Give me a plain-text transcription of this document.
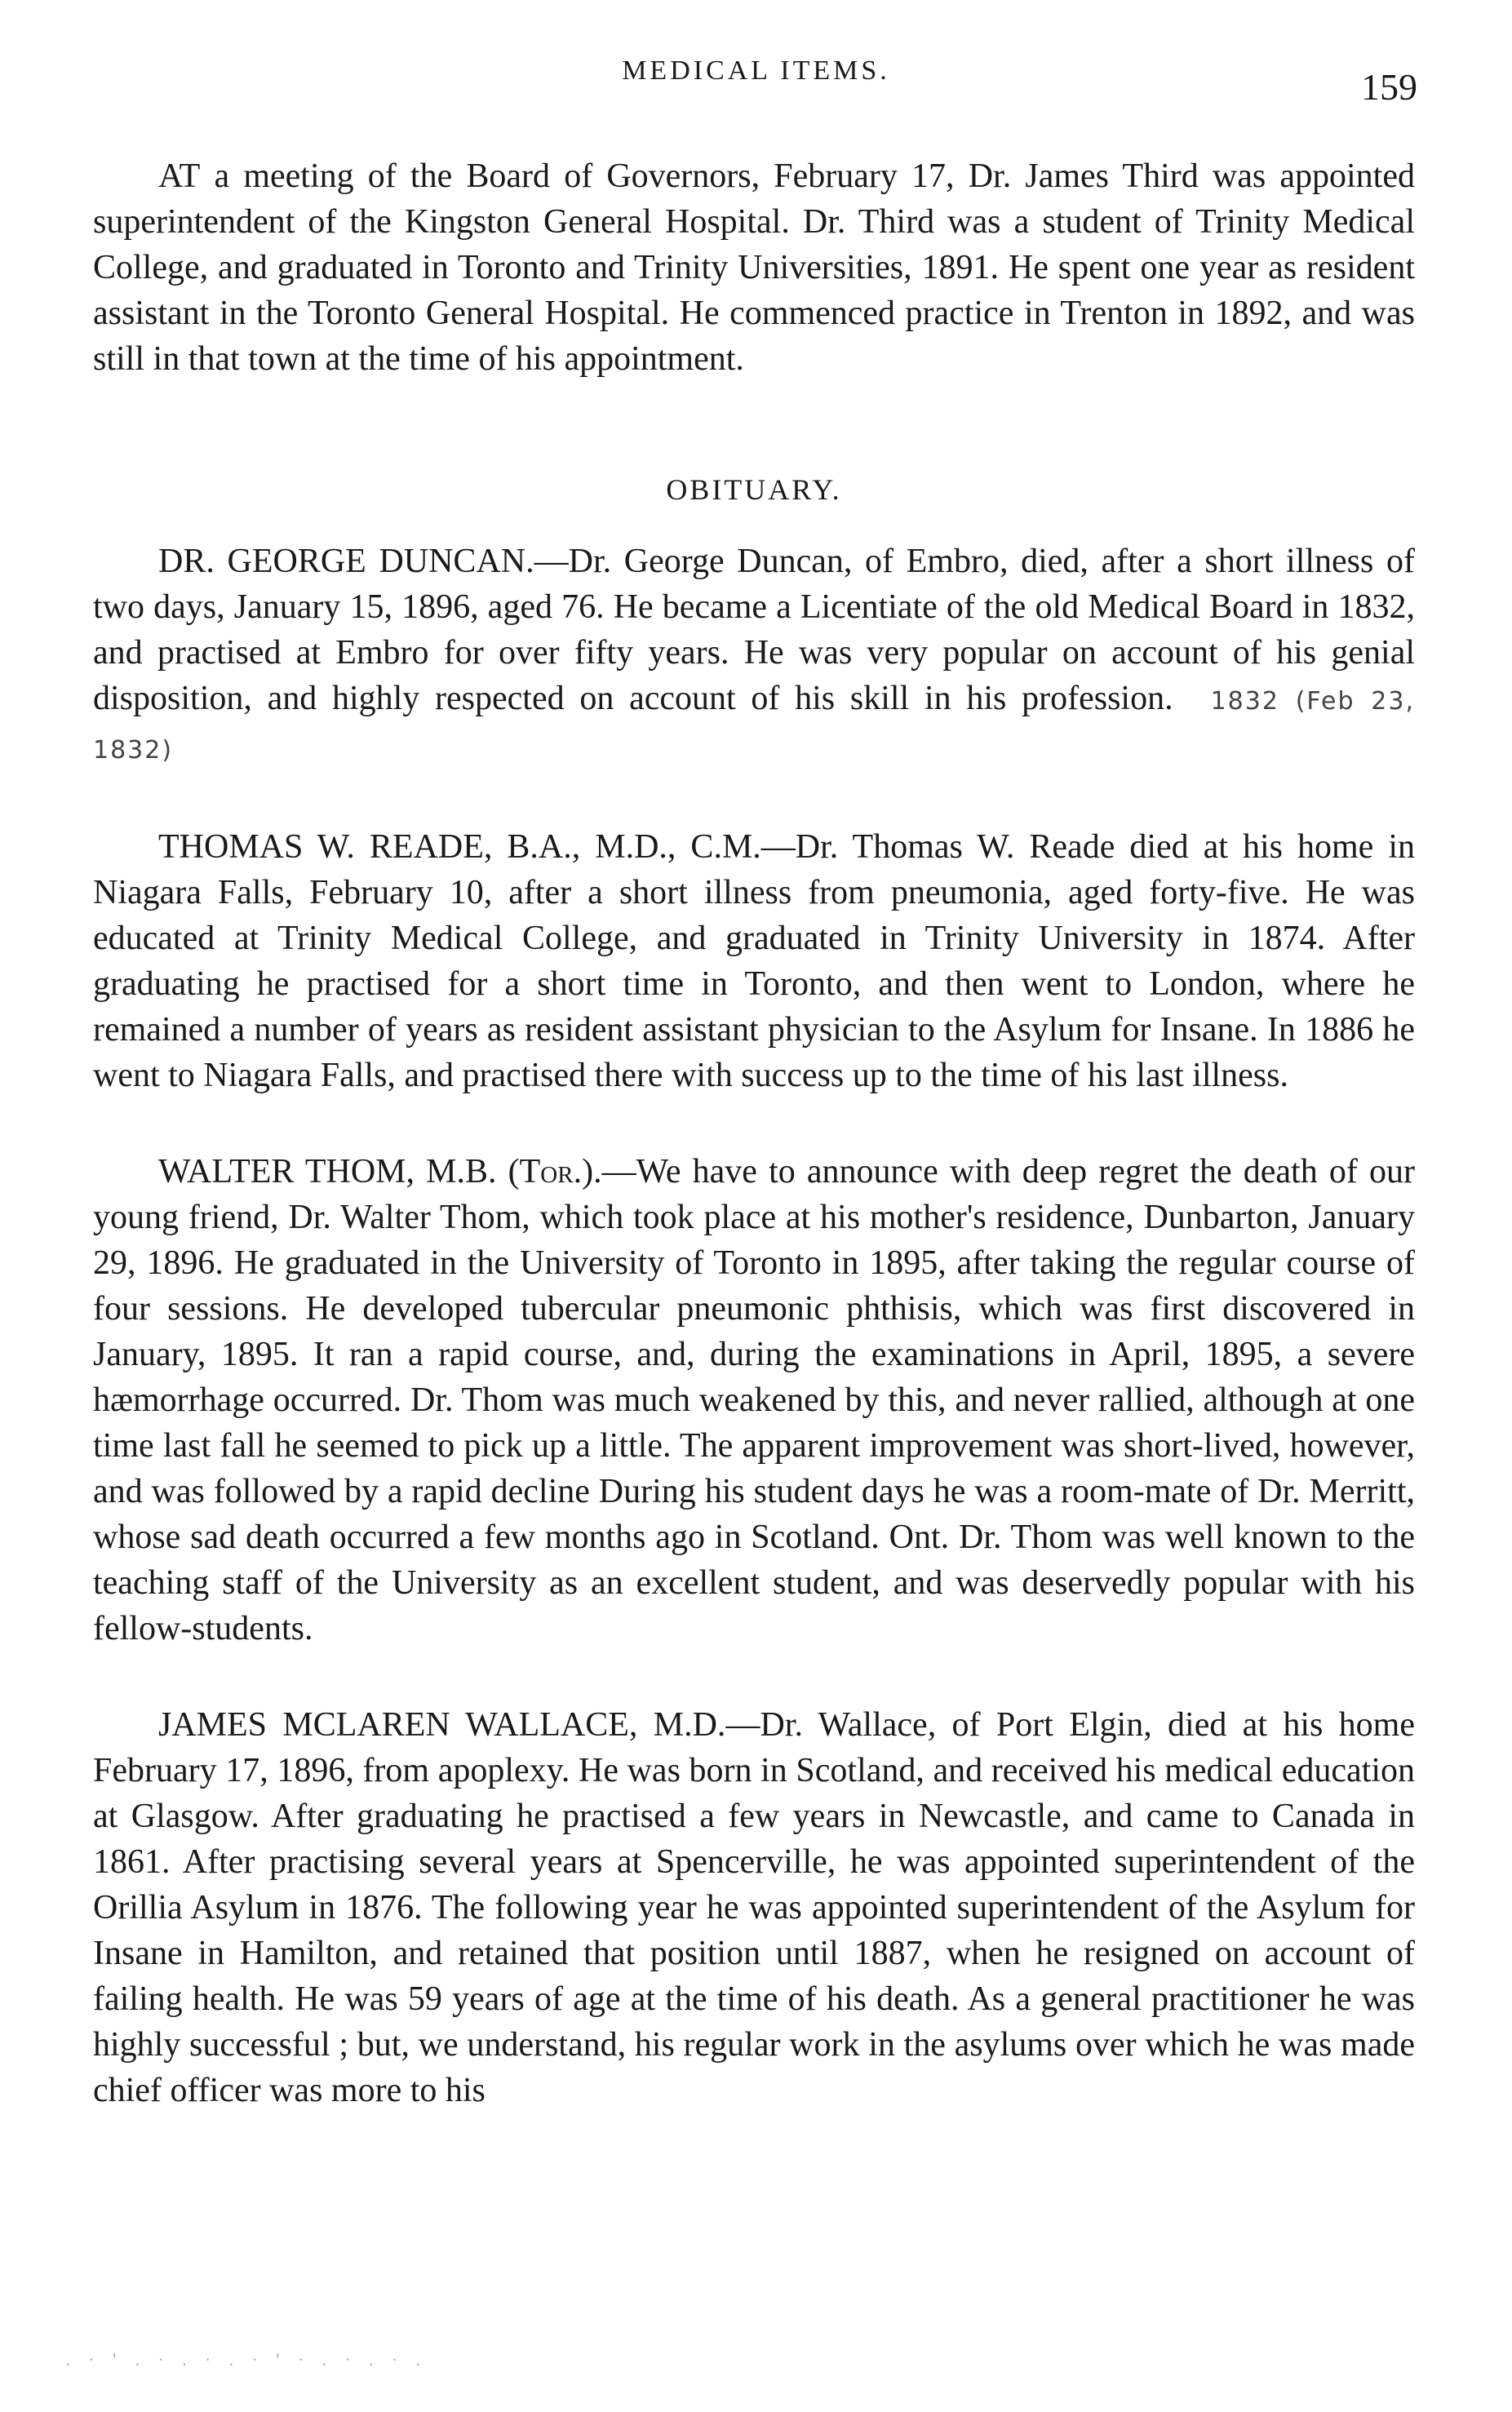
MEDICAL ITEMS.	159

AT a meeting of the Board of Governors, February 17, Dr. James Third was appointed superintendent of the Kingston General Hospital. Dr. Third was a student of Trinity Medical College, and graduated in Toronto and Trinity Universities, 1891. He spent one year as resident assistant in the Toronto General Hospital. He commenced practice in Trenton in 1892, and was still in that town at the time of his appointment.

OBITUARY.

DR. GEORGE DUNCAN.—Dr. George Duncan, of Embro, died, after a short illness of two days, January 15, 1896, aged 76. He became a Licentiate of the old Medical Board in 1832, and practised at Embro for over fifty years. He was very popular on account of his genial disposition, and highly respected on account of his skill in his profession. 1832 (Feb 23, 1832)

THOMAS W. READE, B.A., M.D., C.M.—Dr. Thomas W. Reade died at his home in Niagara Falls, February 10, after a short illness from pneumonia, aged forty-five. He was educated at Trinity Medical College, and graduated in Trinity University in 1874. After graduating he practised for a short time in Toronto, and then went to London, where he remained a number of years as resident assistant physician to the Asylum for Insane. In 1886 he went to Niagara Falls, and practised there with success up to the time of his last illness.

WALTER THOM, M.B. (Tor.).—We have to announce with deep regret the death of our young friend, Dr. Walter Thom, which took place at his mother's residence, Dunbarton, January 29, 1896. He graduated in the University of Toronto in 1895, after taking the regular course of four sessions. He developed tubercular pneumonic phthisis, which was first discovered in January, 1895. It ran a rapid course, and, during the examinations in April, 1895, a severe hæmorrhage occurred. Dr. Thom was much weakened by this, and never rallied, although at one time last fall he seemed to pick up a little. The apparent improvement was short-lived, however, and was followed by a rapid decline During his student days he was a room-mate of Dr. Merritt, whose sad death occurred a few months ago in Scotland. Ont. Dr. Thom was well known to the teaching staff of the University as an excellent student, and was deservedly popular with his fellow-students.

JAMES MCLAREN WALLACE, M.D.—Dr. Wallace, of Port Elgin, died at his home February 17, 1896, from apoplexy. He was born in Scotland, and received his medical education at Glasgow. After graduating he practised a few years in Newcastle, and came to Canada in 1861. After practising several years at Spencerville, he was appointed superintendent of the Orillia Asylum in 1876. The following year he was appointed superintendent of the Asylum for Insane in Hamilton, and retained that position until 1887, when he resigned on account of failing health. He was 59 years of age at the time of his death. As a general practitioner he was highly successful ; but, we understand, his regular work in the asylums over which he was made chief officer was more to his

. · ' . · . · . · ' · . · . · .
